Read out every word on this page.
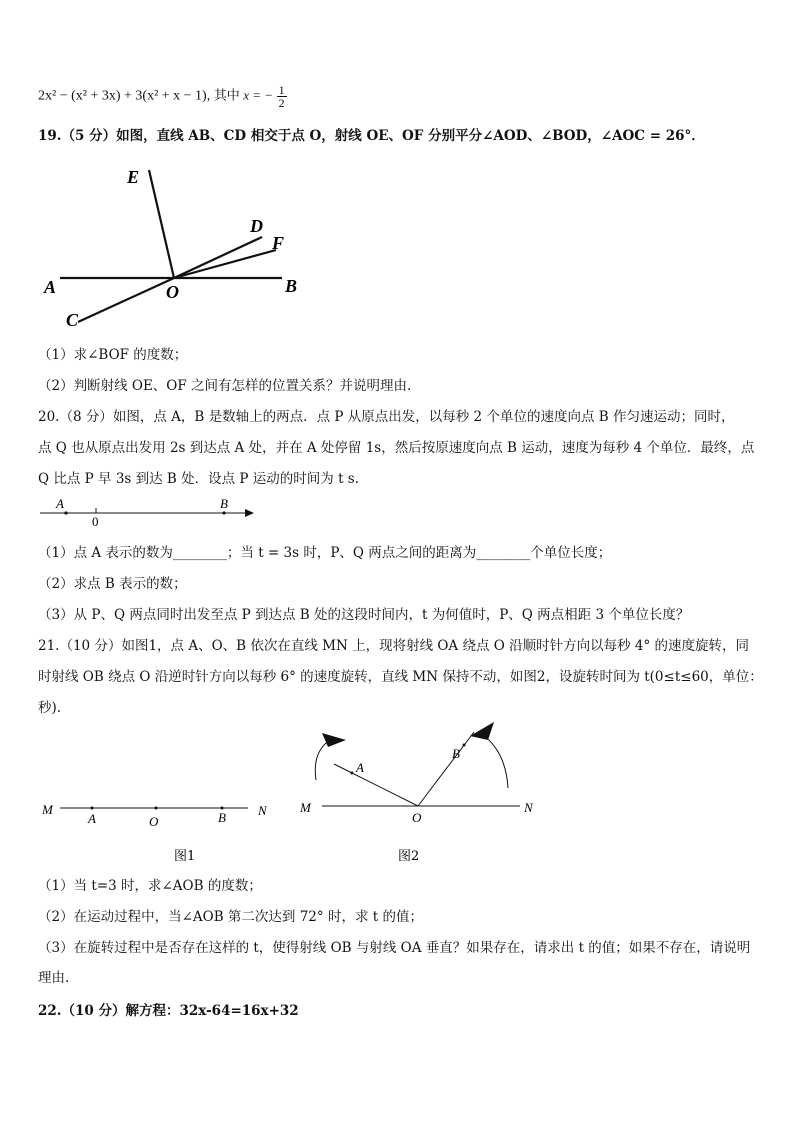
2x² − (x² + 3x) + 3(x² + x − 1), 其中 x = − $\frac{1}{2}$
19.（5 分）如图，直线 AB、CD 相交于点 O，射线 OE、OF 分别平分∠AOD、∠BOD，∠AOC = 26°．
E
D
F
A	O	B
C
（1）求∠BOF 的度数；
（2）判断射线 OE、OF 之间有怎样的位置关系？并说明理由.
20.（8 分）如图，点 A，B 是数轴上的两点．点 P 从原点出发，以每秒 2 个单位的速度向点 B 作匀速运动；同时，
点 Q 也从原点出发用 2s 到达点 A 处，并在 A 处停留 1s，然后按原速度向点 B 运动，速度为每秒 4 个单位．最终，点
Q 比点 P 早 3s 到达 B 处．设点 P 运动的时间为 t s.
A
0
B
（1）点 A 表示的数为________；当 t = 3s 时，P、Q 两点之间的距离为________个单位长度；
（2）求点 B 表示的数；
（3）从 P、Q 两点同时出发至点 P 到达点 B 处的这段时间内，t 为何值时，P、Q 两点相距 3 个单位长度？
21.（10 分）如图1，点 A、O、B 依次在直线 MN 上，现将射线 OA 绕点 O 沿顺时针方向以每秒 4° 的速度旋转，同
时射线 OB 绕点 O 沿逆时针方向以每秒 6° 的速度旋转，直线 MN 保持不动，如图2，设旋转时间为 t(0≤t≤60，单位：
秒).
M
A	O	B N
图1
M
A
O
B
N
图2
（1）当 t=3 时，求∠AOB 的度数；
（2）在运动过程中，当∠AOB 第二次达到 72° 时，求 t 的值；
（3）在旋转过程中是否存在这样的 t，使得射线 OB 与射线 OA 垂直？如果存在，请求出 t 的值；如果不存在，请说明
理由.
22.（10 分）解方程：32x-64=16x+32
